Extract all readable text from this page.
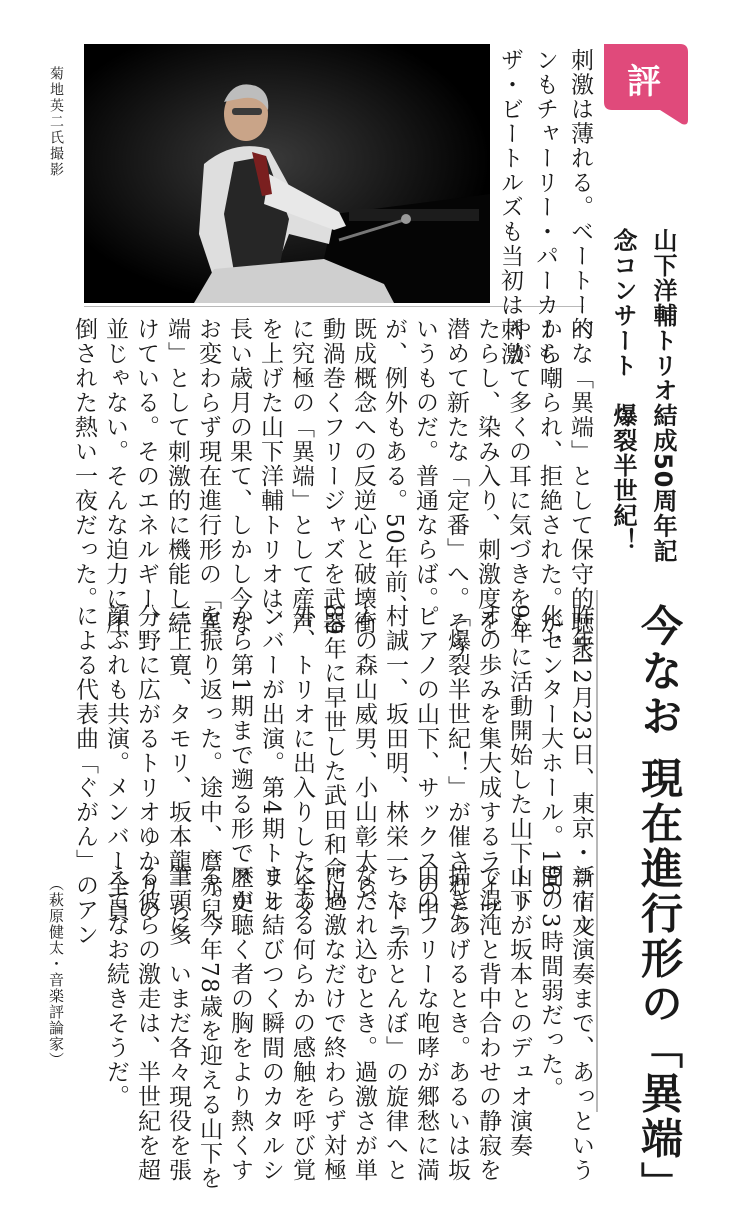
菊地英二氏撮影	評
山下洋輔トリオ結成50周年記
念コンサート　爆裂半世紀！
今なお 現在進行形の「異端」

刺激は薄れる。ベートーベ

ンもチャーリー・パーカーも

ザ・ビートルズも当初は刺激

的な「異端」として保守的聴衆

から嘲られ、拒絶された。が、

やがて多くの耳に気づきをも

たらし、染み入り、刺激度を

潜めて新たな「定番」へ。そう

いうものだ。普通ならば。

が、例外もある。50年前、

既成概念への反逆心と破壊衝

動渦巻くフリージャズを武器

に究極の「異端」として産声

を上げた山下洋輔トリオは、

長い歳月の果て、しかし今な

お変わらず現在進行形の「異

端」として刺激的に機能し続

けている。そのエネルギー、

並じゃない。そんな迫力に圧

倒された熱い一夜だった。

昨年12月23日、東京・新宿文

化センター大ホール。196

9年に活動開始した山下トリ

オの歩みを集大成するライブ

「爆裂半世紀！」が催された。

ピアノの山下、サックスの中

村誠一、坂田明、林栄一、ドラ

ムの森山威男、小山彰太ら、

89年に早世した武田和命以

外、トリオに出入りした全メ

ンバーが出演。第4期トリオ

から第1期まで遡る形で歴史

を振り返った。途中、麿赤兒、

三上寛、タモリ、坂本龍一ら多

分野に広がるトリオゆかりの

顔ぶれも共演。メンバー全員

による代表曲「ぐがん」のアン

コール演奏まで、あっという

間の3時間弱だった。

山下が坂本とのデュオ演奏

で混沌と背中合わせの静寂を

描きあげるとき。あるいは坂

田のフリーな咆哮が郷愁に満

ちた「赤とんぼ」の旋律へと

なだれ込むとき。過激さが単

に過激なだけで終わらず対極

にある何らかの感触を呼び覚

まし結びつく瞬間のカタルシ

スが聴く者の胸をより熱くす

る。今年78歳を迎える山下を

筆頭に、いまだ各々現役を張

る彼らの激走は、半世紀を超

えてなお続きそうだ。

（萩原健太・音楽評論家）
